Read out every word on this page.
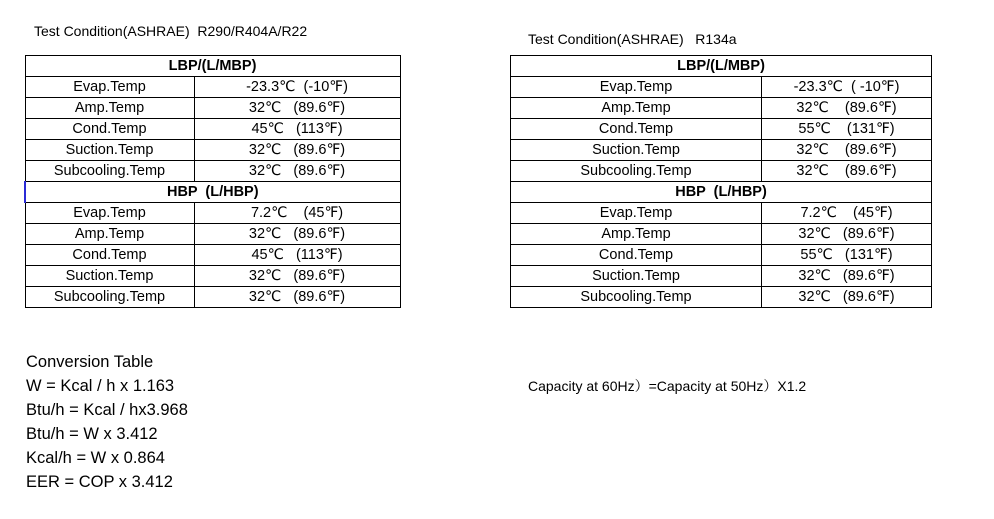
Test Condition(ASHRAE)  R290/R404A/R22	Test Condition(ASHRAE)   R134a
LBP/(L/MBP)	
Evap.Temp	-23.3℃  (-10℉)
Amp.Temp	32℃   (89.6℉)
Cond.Temp	45℃   (113℉)
Suction.Temp	32℃   (89.6℉)
Subcooling.Temp	32℃   (89.6℉)
HBP  (L/HBP)	
Evap.Temp	7.2℃    (45℉)
Amp.Temp	32℃   (89.6℉)
Cond.Temp	45℃   (113℉)
Suction.Temp	32℃   (89.6℉)
Subcooling.Temp	32℃   (89.6℉)
LBP/(L/MBP)	
Evap.Temp	-23.3℃  ( -10℉)
Amp.Temp	32℃    (89.6℉)
Cond.Temp	55℃    (131℉)
Suction.Temp	32℃    (89.6℉)
Subcooling.Temp	32℃    (89.6℉)
HBP  (L/HBP)	
Evap.Temp	7.2℃    (45℉)
Amp.Temp	32℃   (89.6℉)
Cond.Temp	55℃   (131℉)
Suction.Temp	32℃   (89.6℉)
Subcooling.Temp	32℃   (89.6℉)
Conversion Table
W = Kcal / h x 1.163
Btu/h = Kcal / hx3.968
Btu/h = W x 3.412
Kcal/h = W x 0.864
EER = COP x 3.412
Capacity at 60Hz）=Capacity at 50Hz）X1.2
